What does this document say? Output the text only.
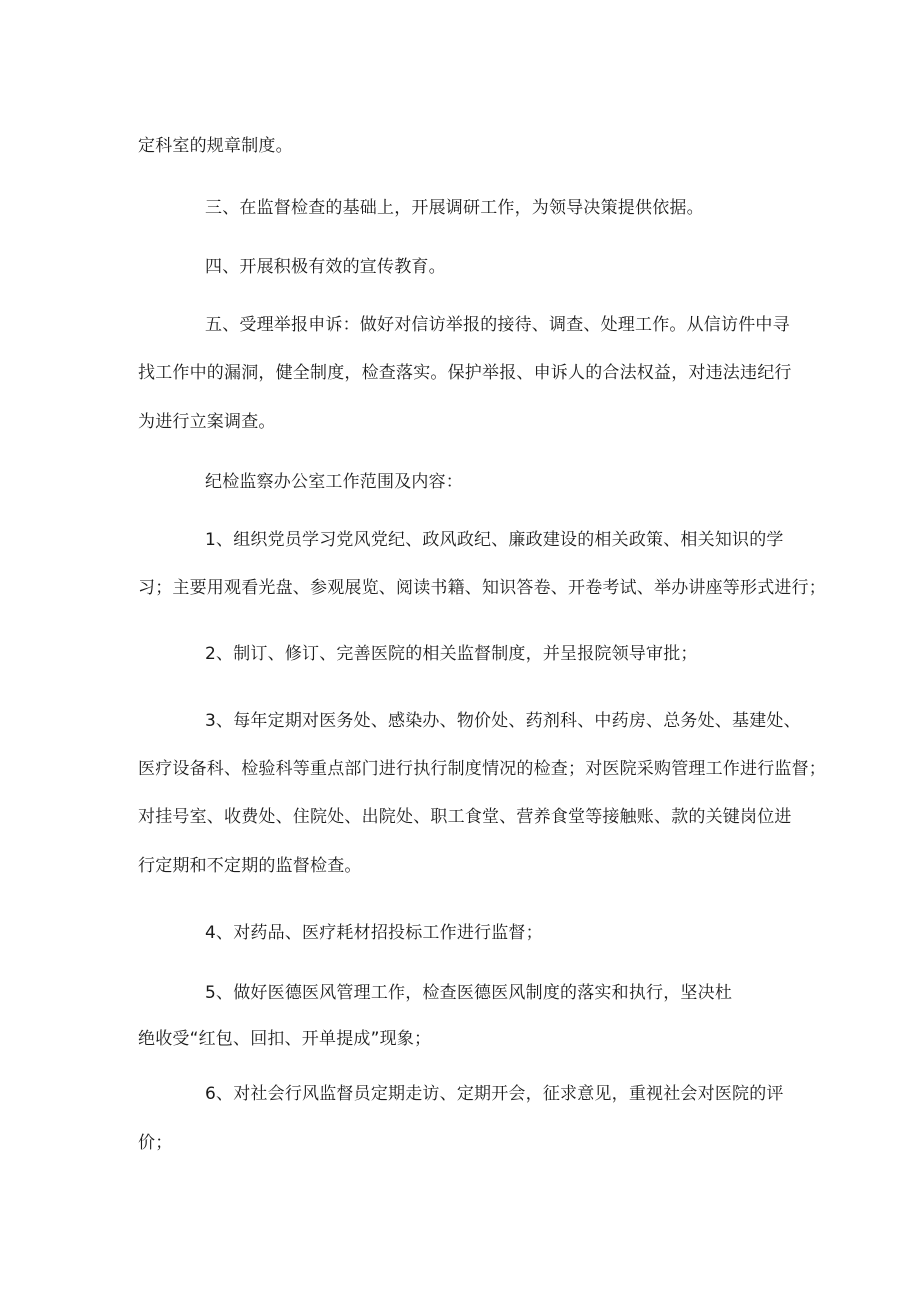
定科室的规章制度。
三、在监督检查的基础上，开展调研工作，为领导决策提供依据。
四、开展积极有效的宣传教育。
五、受理举报申诉：做好对信访举报的接待、调查、处理工作。从信访件中寻
找工作中的漏洞，健全制度，检查落实。保护举报、申诉人的合法权益，对违法违纪行
为进行立案调查。
纪检监察办公室工作范围及内容：
1、组织党员学习党风党纪、政风政纪、廉政建设的相关政策、相关知识的学
习；主要用观看光盘、参观展览、阅读书籍、知识答卷、开卷考试、举办讲座等形式进行；
2、制订、修订、完善医院的相关监督制度，并呈报院领导审批；
3、每年定期对医务处、感染办、物价处、药剂科、中药房、总务处、基建处、
医疗设备科、检验科等重点部门进行执行制度情况的检查；对医院采购管理工作进行监督；
对挂号室、收费处、住院处、出院处、职工食堂、营养食堂等接触账、款的关键岗位进
行定期和不定期的监督检查。
4、对药品、医疗耗材招投标工作进行监督；
5、做好医德医风管理工作，检查医德医风制度的落实和执行，坚决杜
绝收受“红包、回扣、开单提成”现象；
6、对社会行风监督员定期走访、定期开会，征求意见，重视社会对医院的评
价；
